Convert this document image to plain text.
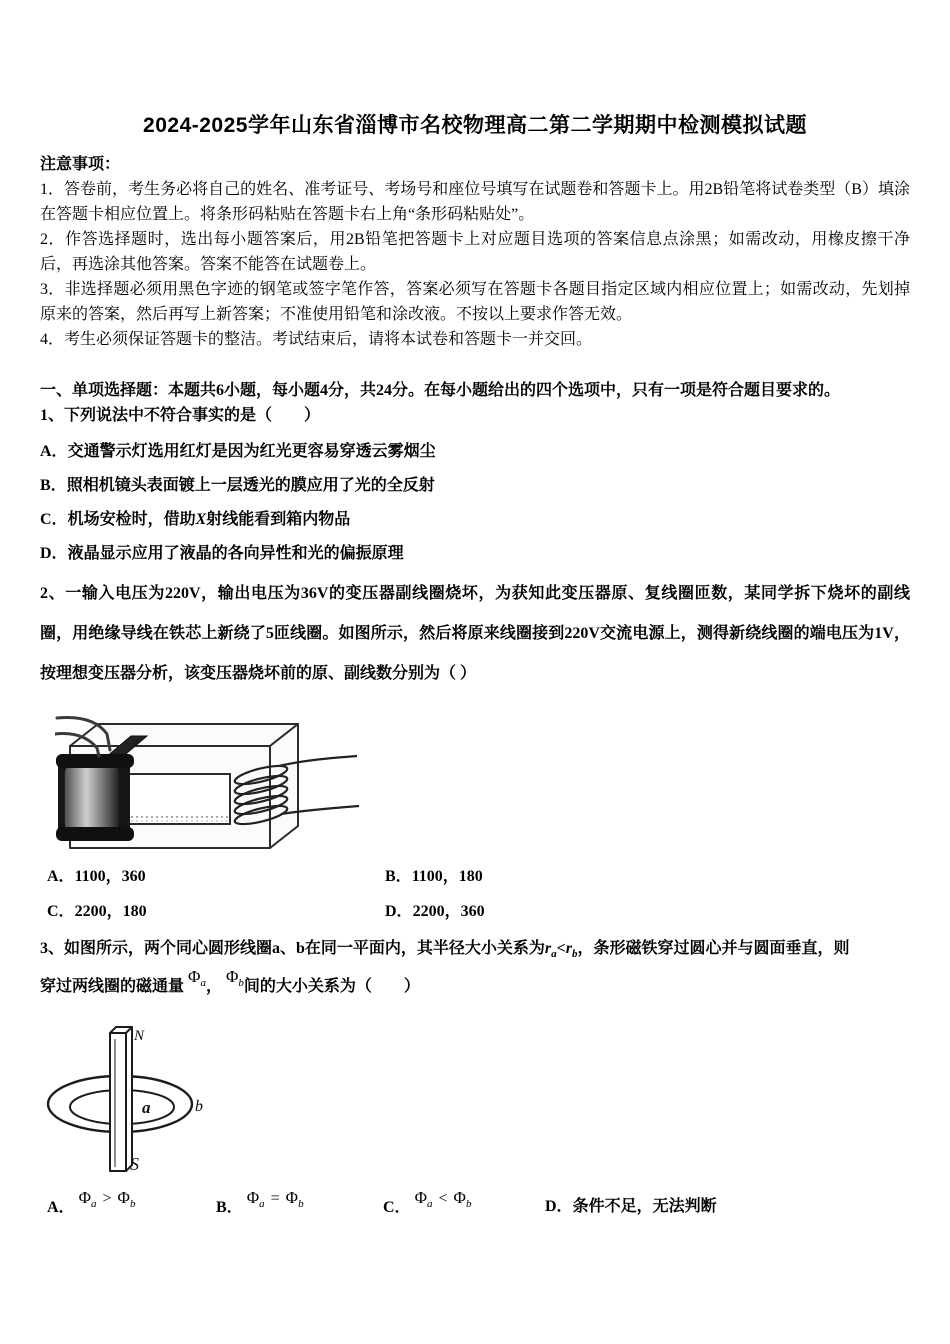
2024-2025学年山东省淄博市名校物理高二第二学期期中检测模拟试题
注意事项：

1．答卷前，考生务必将自己的姓名、准考证号、考场号和座位号填写在试题卷和答题卡上。用2B铅笔将试卷类型（B）填涂在答题卡相应位置上。将条形码粘贴在答题卡右上角“条形码粘贴处”。

2．作答选择题时，选出每小题答案后，用2B铅笔把答题卡上对应题目选项的答案信息点涂黑；如需改动，用橡皮擦干净后，再选涂其他答案。答案不能答在试题卷上。

3．非选择题必须用黑色字迹的钢笔或签字笔作答，答案必须写在答题卡各题目指定区域内相应位置上；如需改动，先划掉原来的答案，然后再写上新答案；不准使用铅笔和涂改液。不按以上要求作答无效。

4．考生必须保证答题卡的整洁。考试结束后，请将本试卷和答题卡一并交回。

一、单项选择题：本题共6小题，每小题4分，共24分。在每小题给出的四个选项中，只有一项是符合题目要求的。
1、下列说法中不符合事实的是（　　）
A．交通警示灯选用红灯是因为红光更容易穿透云雾烟尘
B．照相机镜头表面镀上一层透光的膜应用了光的全反射
C．机场安检时，借助X射线能看到箱内物品
D．液晶显示应用了液晶的各向异性和光的偏振原理

2、一输入电压为220V，输出电压为36V的变压器副线圈烧坏，为获知此变压器原、复线圈匝数，某同学拆下烧坏的副线圈，用绝缘导线在铁芯上新绕了5匝线圈。如图所示，然后将原来线圈接到220V交流电源上，测得新绕线圈的端电压为1V，按理想变压器分析，该变压器烧坏前的原、副线数分别为（ ）

A．1100，360	B．1100，180
C．2200，180	D．2200，360
3、如图所示，两个同心圆形线圈a、b在同一平面内，其半径大小关系为$r_a<r_b$，条形磁铁穿过圆心并与圆面垂直，则
穿过两线圈的磁通量 $\Phi_a$， $\Phi_b$间的大小关系为（　　）
N
S
a	b
A． $\Phi_a > \Phi_b$	B． $\Phi_a = \Phi_b$	C． $\Phi_a < \Phi_b$	D．条件不足，无法判断
